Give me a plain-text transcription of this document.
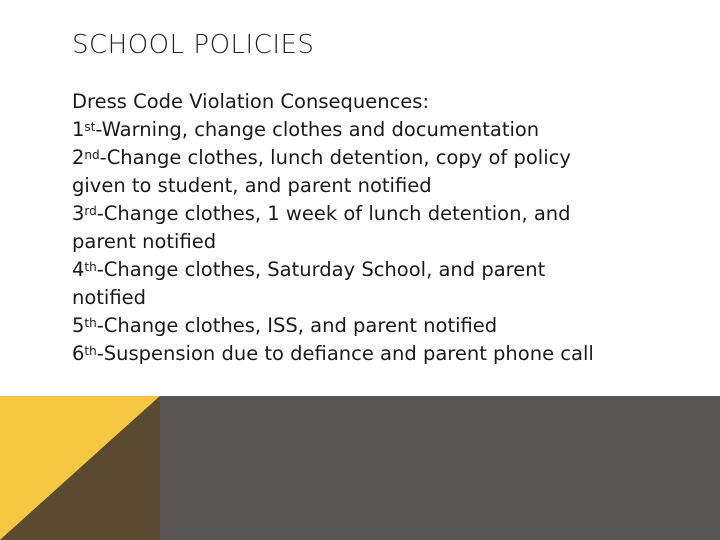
SCHOOL POLICIES

Dress Code Violation Consequences:

1st-Warning, change clothes and documentation

2nd-Change clothes, lunch detention, copy of policy
given to student, and parent notified

3rd-Change clothes, 1 week of lunch detention, and
parent notified

4th-Change clothes, Saturday School, and parent
notified

5th-Change clothes, ISS, and parent notified

6th-Suspension due to defiance and parent phone call
